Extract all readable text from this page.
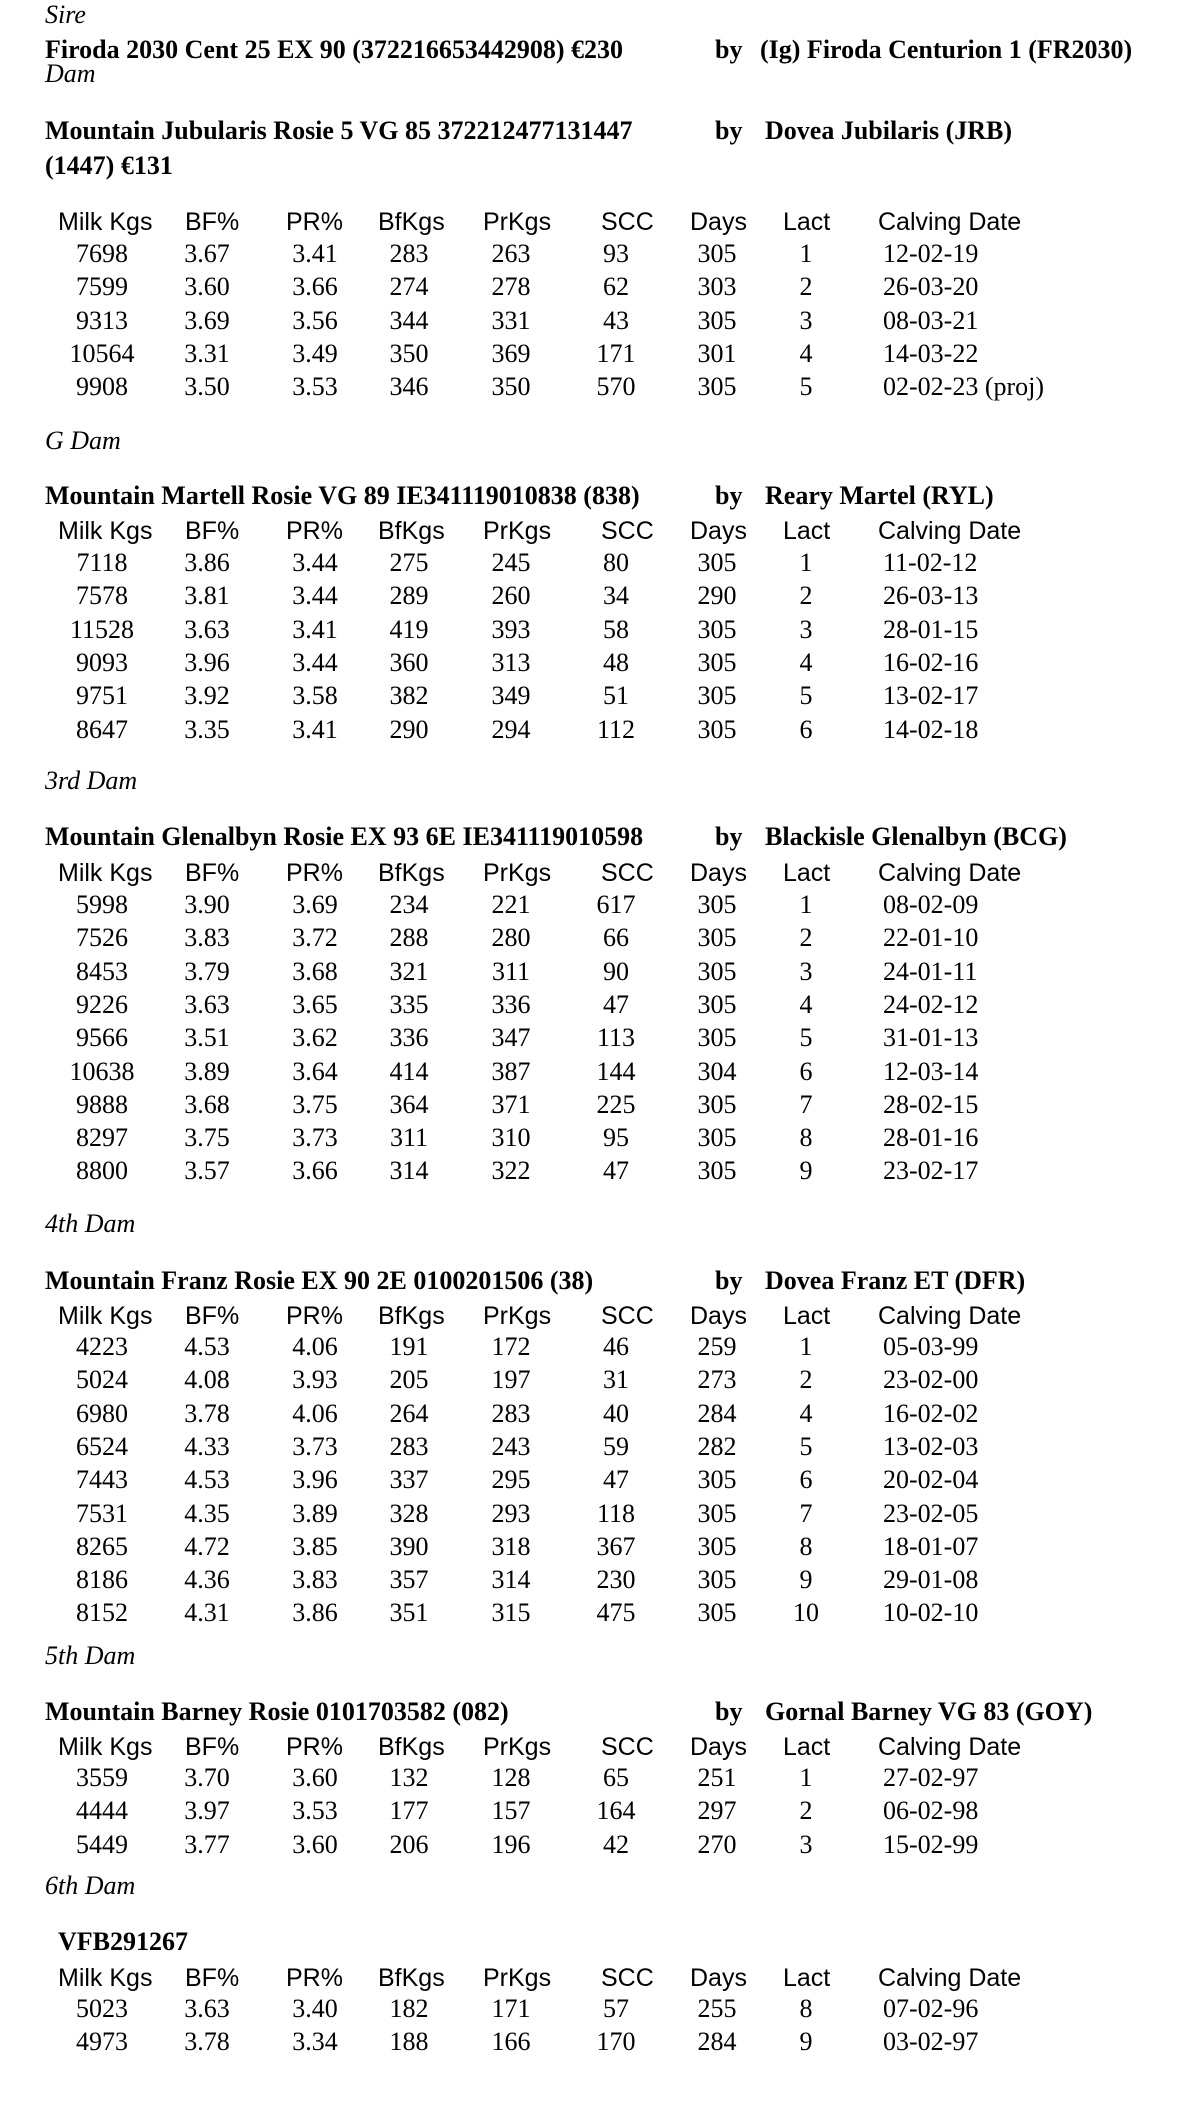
Sire
Firoda 2030 Cent 25 EX 90 (372216653442908) €230	by (Ig) Firoda Centurion 1 (FR2030)
Dam
Mountain Jubularis Rosie 5 VG 85 372212477131447
(1447) €131
by Dovea Jubilaris (JRB)
Milk Kgs BF% PR% BfKgs PrKgs SCC Days Lact Calving Date
7698 3.67 3.41 283 263	93	305 1	12-02-19
7599 3.60 3.66 274 278	62	303 2	26-03-20
9313 3.69 3.56 344 331	43	305 3	08-03-21
10564 3.31 3.49 350 369	171 301 4	14-03-22
9908 3.50 3.53 346 350	570 305 5	02-02-23 (proj)
G Dam
Mountain Martell Rosie VG 89 IE341119010838 (838)	by Reary Martel (RYL)
Milk Kgs BF% PR% BfKgs PrKgs SCC Days Lact Calving Date
7118 3.86 3.44 275 245	80	305 1	11-02-12
7578 3.81 3.44 289 260	34	290 2	26-03-13
11528 3.63 3.41 419 393	58	305 3	28-01-15
9093 3.96 3.44 360 313	48	305 4	16-02-16
9751 3.92 3.58 382 349	51	305 5	13-02-17
8647 3.35 3.41 290 294	112 305 6	14-02-18
3rd Dam
Mountain Glenalbyn Rosie EX 93 6E IE341119010598	by Blackisle Glenalbyn (BCG)
Milk Kgs BF% PR% BfKgs PrKgs SCC Days Lact Calving Date
5998 3.90 3.69 234 221	617 305 1	08-02-09
7526 3.83 3.72 288 280	66	305 2	22-01-10
8453 3.79 3.68 321 311	90	305 3	24-01-11
9226 3.63 3.65 335 336	47	305 4	24-02-12
9566 3.51 3.62 336 347	113 305 5	31-01-13
10638 3.89 3.64 414 387	144 304 6	12-03-14
9888 3.68 3.75 364 371	225 305 7	28-02-15
8297 3.75 3.73 311 310	95	305 8	28-01-16
8800 3.57 3.66 314 322	47	305 9	23-02-17
4th Dam
Mountain Franz Rosie EX 90 2E 0100201506 (38)	by Dovea Franz ET (DFR)
Milk Kgs BF% PR% BfKgs PrKgs SCC Days Lact Calving Date
4223 4.53 4.06 191 172	46	259 1	05-03-99
5024 4.08 3.93 205 197	31	273 2	23-02-00
6980 3.78 4.06 264 283	40	284 4	16-02-02
6524 4.33 3.73 283 243	59	282 5	13-02-03
7443 4.53 3.96 337 295	47	305 6	20-02-04
7531 4.35 3.89 328 293	118 305 7	23-02-05
8265 4.72 3.85 390 318	367 305 8	18-01-07
8186 4.36 3.83 357 314	230 305 9	29-01-08
8152 4.31 3.86 351 315	475 305 10 10-02-10
5th Dam
Mountain Barney Rosie 0101703582 (082)	by Gornal Barney VG 83 (GOY)
Milk Kgs BF% PR% BfKgs PrKgs SCC Days Lact Calving Date
3559 3.70 3.60 132 128	65	251 1	27-02-97
4444 3.97 3.53 177 157	164 297 2	06-02-98
5449 3.77 3.60 206 196	42	270 3	15-02-99
6th Dam
VFB291267
Milk Kgs BF% PR% BfKgs PrKgs SCC Days Lact Calving Date
5023 3.63 3.40 182 171	57	255 8	07-02-96
4973 3.78 3.34 188 166	170 284 9	03-02-97
